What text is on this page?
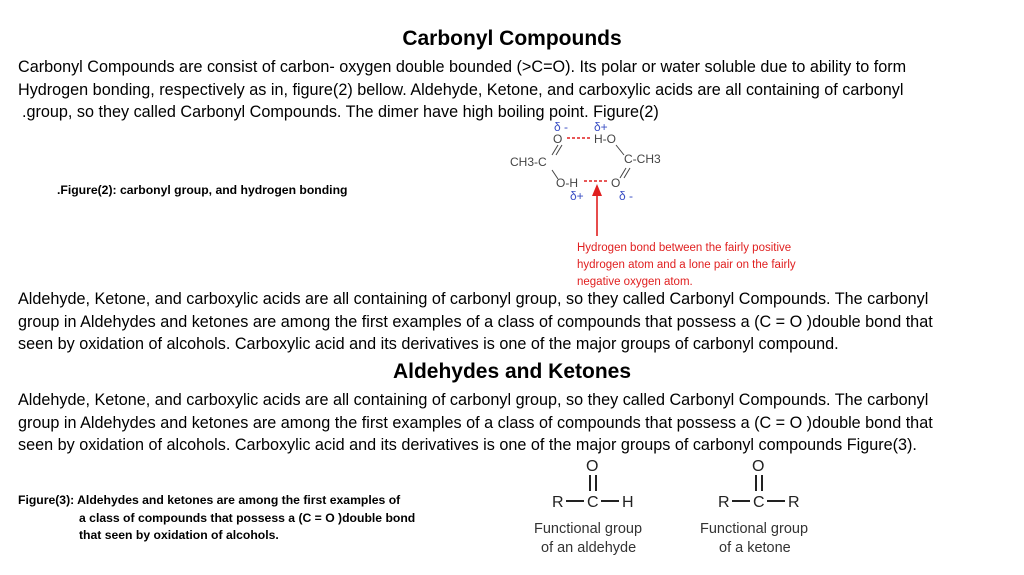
Carbonyl Compounds
Carbonyl Compounds are consist of carbon- oxygen double bounded (>C=O). Its polar or water soluble due to ability to form
Hydrogen bonding, respectively as in, figure(2) bellow. Aldehyde, Ketone, and carboxylic acids are all containing of carbonyl
.group, so they called Carbonyl Compounds. The dimer have high boiling point. Figure(2)
.Figure(2): carbonyl group, and hydrogen bonding
δ - δ+
O	H-O
CH3-C	C-CH3
O-H	O
δ+	δ -
Hydrogen bond between the fairly positive
hydrogen atom and a lone pair on the fairly
negative oxygen atom.
Aldehyde, Ketone, and carboxylic acids are all containing of carbonyl group, so they called Carbonyl Compounds. The carbonyl
group in Aldehydes and ketones are among the first examples of a class of compounds that possess a (C = O )double bond that
seen by oxidation of alcohols. Carboxylic acid and its derivatives is one of the major groups of carbonyl compound.
Aldehydes and Ketones
Aldehyde, Ketone, and carboxylic acids are all containing of carbonyl group, so they called Carbonyl Compounds. The carbonyl
group in Aldehydes and ketones are among the first examples of a class of compounds that possess a (C = O )double bond that
seen by oxidation of alcohols. Carboxylic acid and its derivatives is one of the major groups of carbonyl compounds Figure(3).
Figure(3): Aldehydes and ketones are among the first examples of
a class of compounds that possess a (C = O )double bond
that seen by oxidation of alcohols.
O
R C H
Functional group
of an aldehyde
O
R C R
Functional group
of a ketone
